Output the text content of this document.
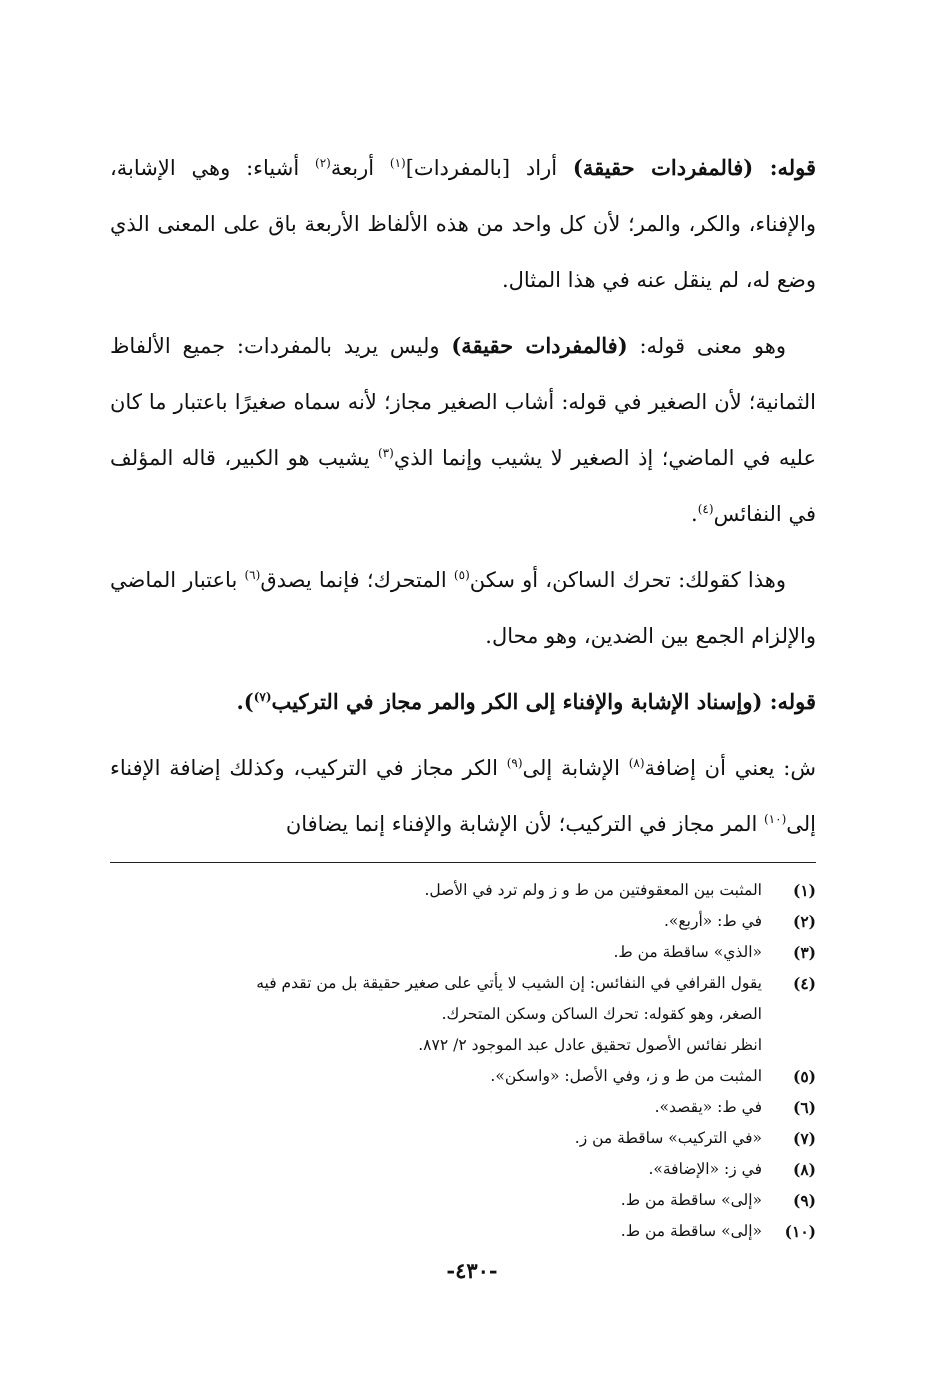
قوله: (فالمفردات حقيقة) أراد [بالمفردات]$^{(١)}$ أربعة$^{(٢)}$ أشياء: وهي الإشابة، والإفناء، والكر، والمر؛ لأن كل واحد من هذه الألفاظ الأربعة باق على المعنى الذي وضع له، لم ينقل عنه في هذا المثال.

وهو معنى قوله: (فالمفردات حقيقة) وليس يريد بالمفردات: جميع الألفاظ الثمانية؛ لأن الصغير في قوله: أشاب الصغير مجاز؛ لأنه سماه صغيرًا باعتبار ما كان عليه في الماضي؛ إذ الصغير لا يشيب وإنما الذي$^{(٣)}$ يشيب هو الكبير، قاله المؤلف في النفائس$^{(٤)}$.

وهذا كقولك: تحرك الساكن، أو سكن$^{(٥)}$ المتحرك؛ فإنما يصدق$^{(٦)}$ باعتبار الماضي والإلزام الجمع بين الضدين، وهو محال.

قوله: (وإسناد الإشابة والإفناء إلى الكر والمر مجاز في التركيب$^{(٧)}$).

ش: يعني أن إضافة$^{(٨)}$ الإشابة إلى$^{(٩)}$ الكر مجاز في التركيب، وكذلك إضافة الإفناء إلى$^{(١٠)}$ المر مجاز في التركيب؛ لأن الإشابة والإفناء إنما يضافان

(١)
المثبت بين المعقوفتين من ط و ز ولم ترد في الأصل.
(٢)
في ط: «أربع».
(٣)
«الذي» ساقطة من ط.
(٤)
يقول القرافي في النفائس: إن الشيب لا يأتي على صغير حقيقة بل من تقدم فيه
الصغر، وهو كقوله: تحرك الساكن وسكن المتحرك.
انظر نفائس الأصول تحقيق عادل عبد الموجود ٢/ ٨٧٢.
(٥)
المثبت من ط و ز، وفي الأصل: «واسكن».
(٦)
في ط: «يقصد».
(٧)
«في التركيب» ساقطة من ز.
(٨)
في ز: «الإضافة».
(٩)
«إلى» ساقطة من ط.
(١٠)
«إلى» ساقطة من ط.
-٤٣٠-
